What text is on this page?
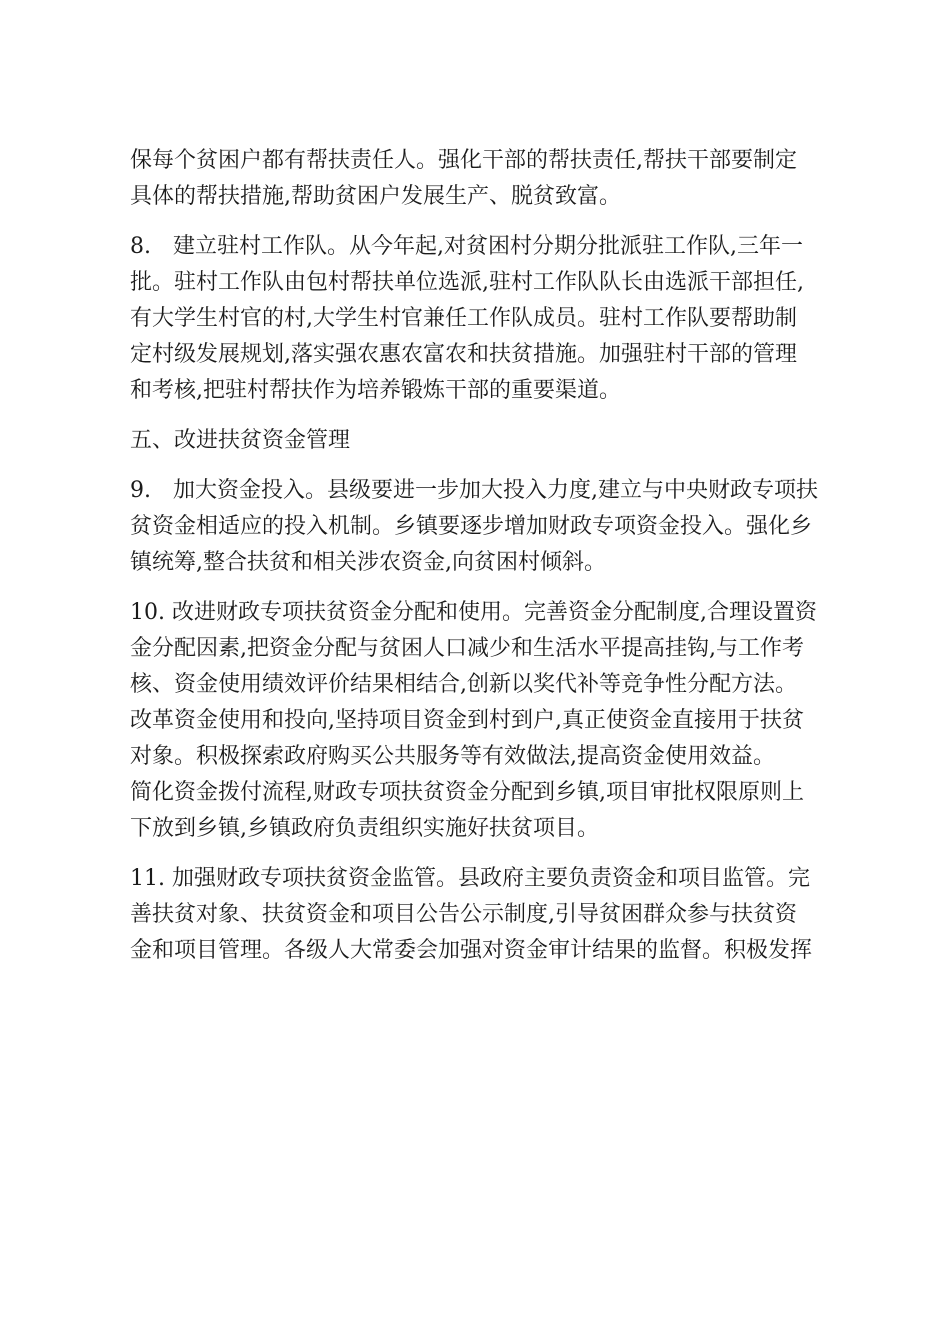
保每个贫困户都有帮扶责任人。强化干部的帮扶责任,帮扶干部要制定
具体的帮扶措施,帮助贫困户发展生产、脱贫致富。
8.　建立驻村工作队。从今年起,对贫困村分期分批派驻工作队,三年一
批。驻村工作队由包村帮扶单位选派,驻村工作队队长由选派干部担任,
有大学生村官的村,大学生村官兼任工作队成员。驻村工作队要帮助制
定村级发展规划,落实强农惠农富农和扶贫措施。加强驻村干部的管理
和考核,把驻村帮扶作为培养锻炼干部的重要渠道。
五、改进扶贫资金管理
9.　加大资金投入。县级要进一步加大投入力度,建立与中央财政专项扶
贫资金相适应的投入机制。乡镇要逐步增加财政专项资金投入。强化乡
镇统筹,整合扶贫和相关涉农资金,向贫困村倾斜。
10. 改进财政专项扶贫资金分配和使用。完善资金分配制度,合理设置资
金分配因素,把资金分配与贫困人口减少和生活水平提高挂钩,与工作考
核、资金使用绩效评价结果相结合,创新以奖代补等竞争性分配方法。
改革资金使用和投向,坚持项目资金到村到户,真正使资金直接用于扶贫
对象。积极探索政府购买公共服务等有效做法,提高资金使用效益。
简化资金拨付流程,财政专项扶贫资金分配到乡镇,项目审批权限原则上
下放到乡镇,乡镇政府负责组织实施好扶贫项目。
11. 加强财政专项扶贫资金监管。县政府主要负责资金和项目监管。完
善扶贫对象、扶贫资金和项目公告公示制度,引导贫困群众参与扶贫资
金和项目管理。各级人大常委会加强对资金审计结果的监督。积极发挥
